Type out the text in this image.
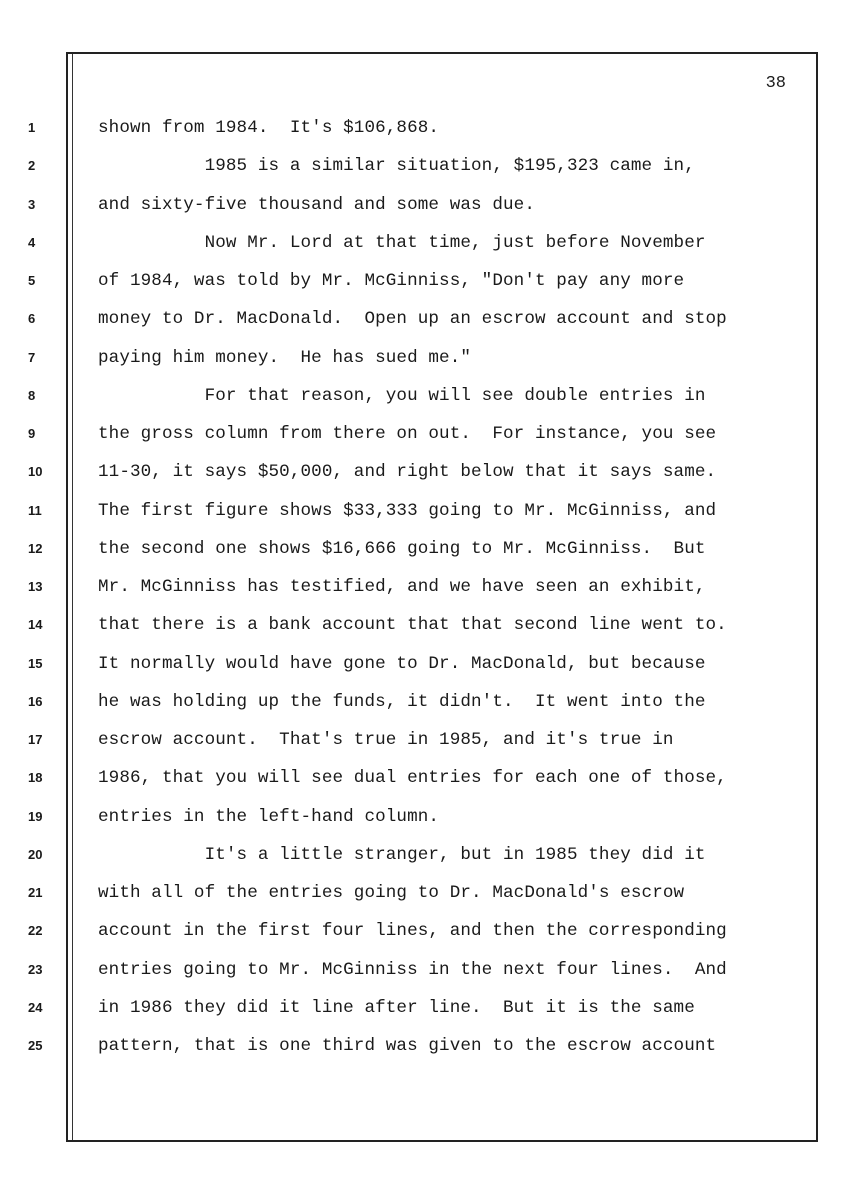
38
1
2
3
4
5
6
7
8
9
10
11
12
13
14
15
16
17
18
19
20
21
22
23
24
25
shown from 1984.  It's $106,868.
1985 is a similar situation, $195,323 came in,
and sixty-five thousand and some was due.
Now Mr. Lord at that time, just before November
of 1984, was told by Mr. McGinniss, "Don't pay any more
money to Dr. MacDonald.  Open up an escrow account and stop
paying him money.  He has sued me."
For that reason, you will see double entries in
the gross column from there on out.  For instance, you see
11-30, it says $50,000, and right below that it says same.
The first figure shows $33,333 going to Mr. McGinniss, and
the second one shows $16,666 going to Mr. McGinniss.  But
Mr. McGinniss has testified, and we have seen an exhibit,
that there is a bank account that that second line went to.
It normally would have gone to Dr. MacDonald, but because
he was holding up the funds, it didn't.  It went into the
escrow account.  That's true in 1985, and it's true in
1986, that you will see dual entries for each one of those,
entries in the left-hand column.
It's a little stranger, but in 1985 they did it
with all of the entries going to Dr. MacDonald's escrow
account in the first four lines, and then the corresponding
entries going to Mr. McGinniss in the next four lines.  And
in 1986 they did it line after line.  But it is the same
pattern, that is one third was given to the escrow account
